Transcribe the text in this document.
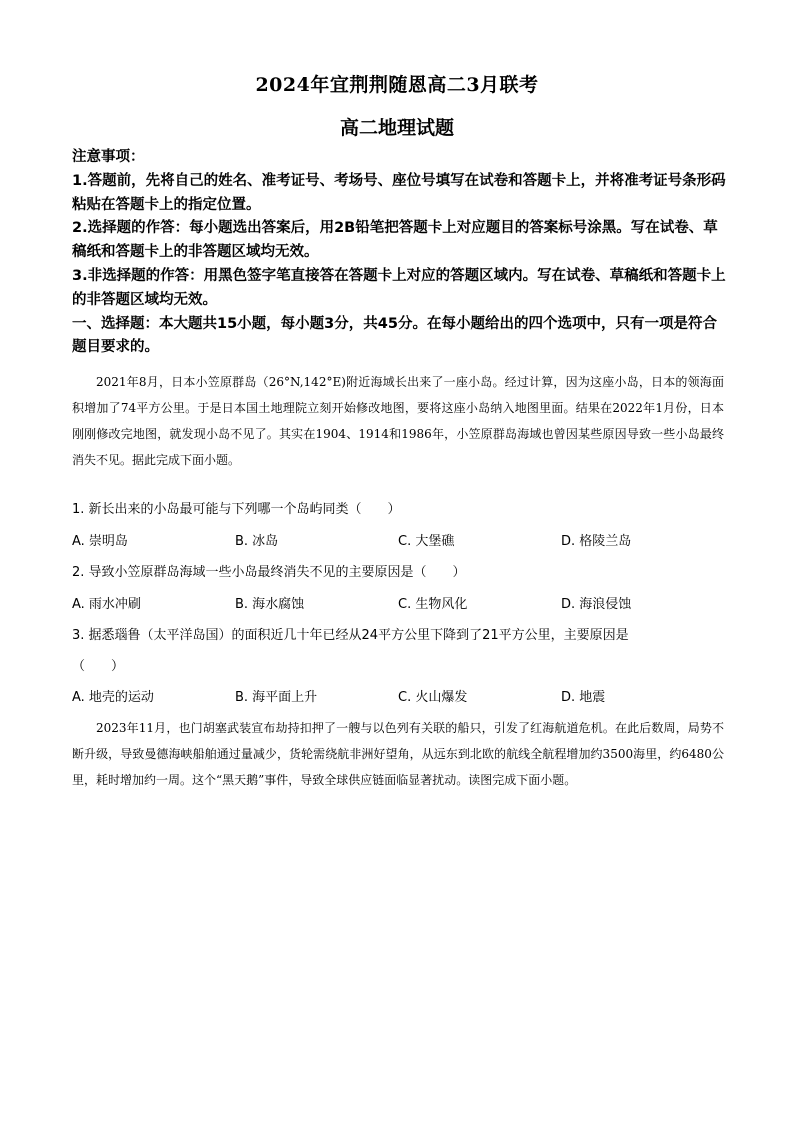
2024年宜荆荆随恩高二3月联考
高二地理试题

注意事项：

1.答题前，先将自己的姓名、准考证号、考场号、座位号填写在试卷和答题卡上，并将准考证号条形码粘贴在答题卡上的指定位置。

2.选择题的作答：每小题选出答案后，用2B铅笔把答题卡上对应题目的答案标号涂黑。写在试卷、草稿纸和答题卡上的非答题区域均无效。

3.非选择题的作答：用黑色签字笔直接答在答题卡上对应的答题区域内。写在试卷、草稿纸和答题卡上的非答题区域均无效。

一、选择题：本大题共15小题，每小题3分，共45分。在每小题给出的四个选项中，只有一项是符合题目要求的。

2021年8月，日本小笠原群岛（26°N,142°E)附近海域长出来了一座小岛。经过计算，因为这座小岛，日本的领海面积增加了74平方公里。于是日本国土地理院立刻开始修改地图，要将这座小岛纳入地图里面。结果在2022年1月份，日本刚刚修改完地图，就发现小岛不见了。其实在1904、1914和1986年，小笠原群岛海域也曾因某些原因导致一些小岛最终消失不见。据此完成下面小题。

1. 新长出来的小岛最可能与下列哪一个岛屿同类（　　）

A. 崇明岛	B. 冰岛	C. 大堡礁	D. 格陵兰岛

2. 导致小笠原群岛海域一些小岛最终消失不见的主要原因是（　　）

A. 雨水冲刷	B. 海水腐蚀	C. 生物风化	D. 海浪侵蚀

3. 据悉瑙鲁（太平洋岛国）的面积近几十年已经从24平方公里下降到了21平方公里，主要原因是

（　　）

A. 地壳的运动	B. 海平面上升	C. 火山爆发	D. 地震

2023年11月，也门胡塞武装宣布劫持扣押了一艘与以色列有关联的船只，引发了红海航道危机。在此后数周，局势不断升级，导致曼德海峡船舶通过量减少，货轮需绕航非洲好望角，从远东到北欧的航线全航程增加约3500海里，约6480公里，耗时增加约一周。这个“黑天鹅”事件，导致全球供应链面临显著扰动。读图完成下面小题。
